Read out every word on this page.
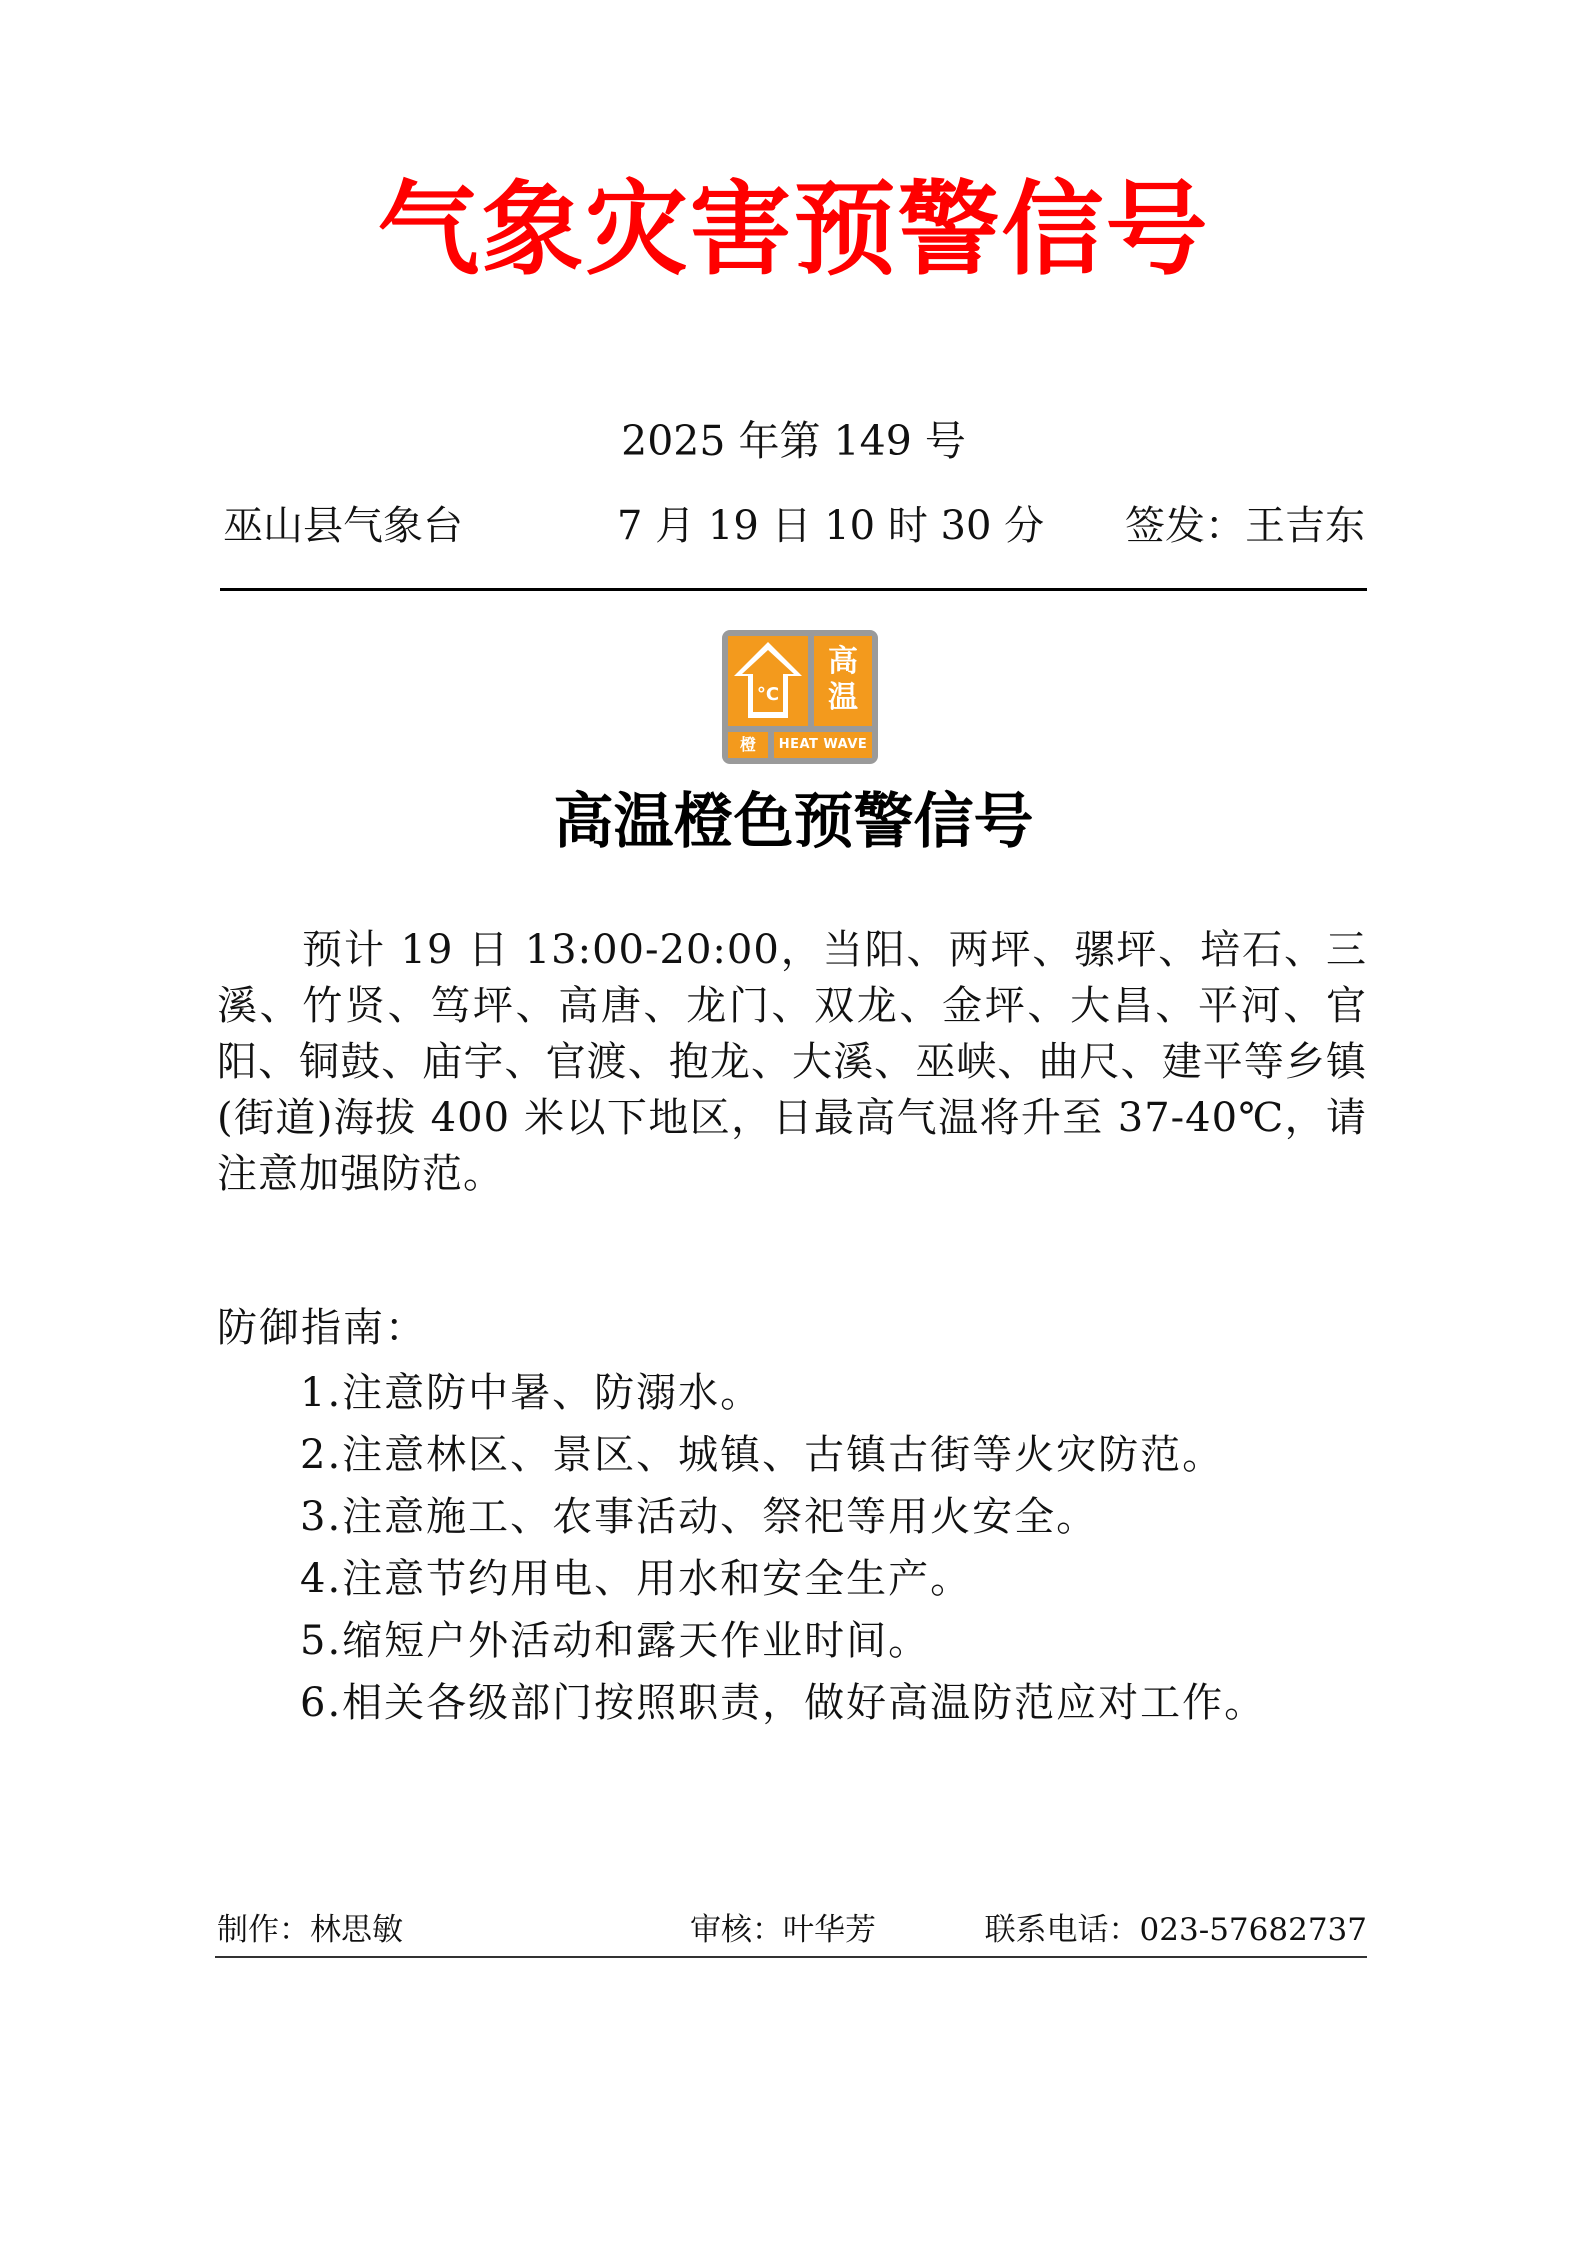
气象灾害预警信号
2025 年第 149 号
巫山县气象台	7 月 19 日 10 时 30 分 签发：王吉东
°C
高
温
橙	HEAT WAVE
高温橙色预警信号

预计 19 日 13:00-20:00，当阳、两坪、骡坪、培石、三溪、竹贤、笃坪、高唐、龙门、双龙、金坪、大昌、平河、官阳、铜鼓、庙宇、官渡、抱龙、大溪、巫峡、曲尺、建平等乡镇(街道)海拔 400 米以下地区，日最高气温将升至 37-40℃，请注意加强防范。

防御指南：
1.注意防中暑、防溺水。
2.注意林区、景区、城镇、古镇古街等火灾防范。
3.注意施工、农事活动、祭祀等用火安全。
4.注意节约用电、用水和安全生产。
5.缩短户外活动和露天作业时间。
6.相关各级部门按照职责，做好高温防范应对工作。
制作：林思敏	审核：叶华芳	联系电话：023-57682737
